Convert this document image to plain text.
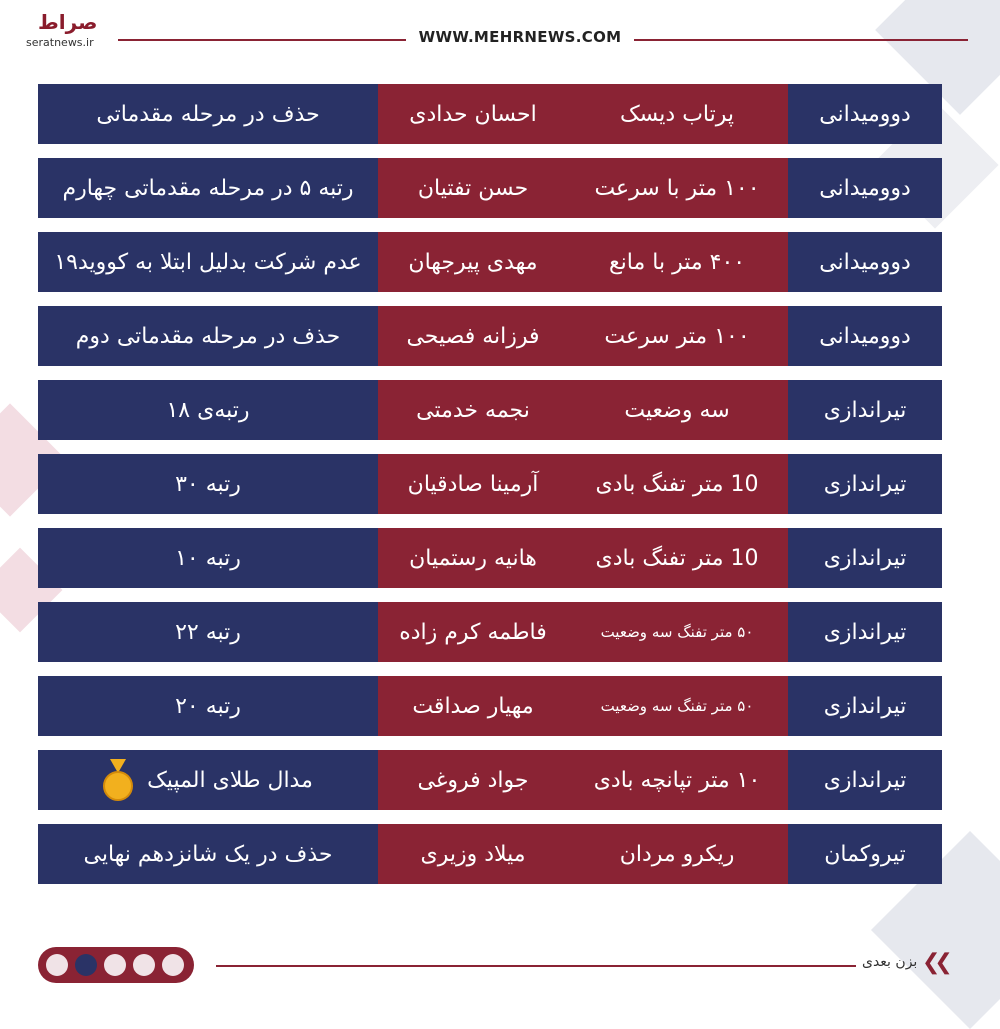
صراط
seratnews.ir	WWW.MEHRNEWS.COM
حذف در مرحله مقدماتی	احسان حدادی	پرتاب دیسک	دوومیدانی
رتبه ۵ در مرحله مقدماتی چهارم	حسن تفتیان	۱۰۰ متر با سرعت	دوومیدانی
عدم شرکت بدلیل ابتلا به کووید۱۹	مهدی پیرجهان	۴۰۰ متر با مانع	دوومیدانی
حذف در مرحله مقدماتی دوم	فرزانه فصیحی	۱۰۰ متر سرعت	دوومیدانی
رتبه‌ی ۱۸	نجمه خدمتی	سه وضعیت	تیراندازی
رتبه ۳۰	آرمینا صادقیان	10 متر تفنگ بادی	تیراندازی
رتبه ۱۰	هانیه رستمیان	10 متر تفنگ بادی	تیراندازی
رتبه ۲۲	فاطمه کرم زاده	۵۰ متر تفنگ سه وضعیت	تیراندازی
رتبه ۲۰	مهیار صداقت	۵۰ متر تفنگ سه وضعیت	تیراندازی
مدال طلای المپیک	جواد فروغی	۱۰ متر تپانچه بادی	تیراندازی
حذف در یک شانزدهم نهایی	میلاد وزیری	ریکرو مردان	تیروکمان
بزن بعدی ❮❮
